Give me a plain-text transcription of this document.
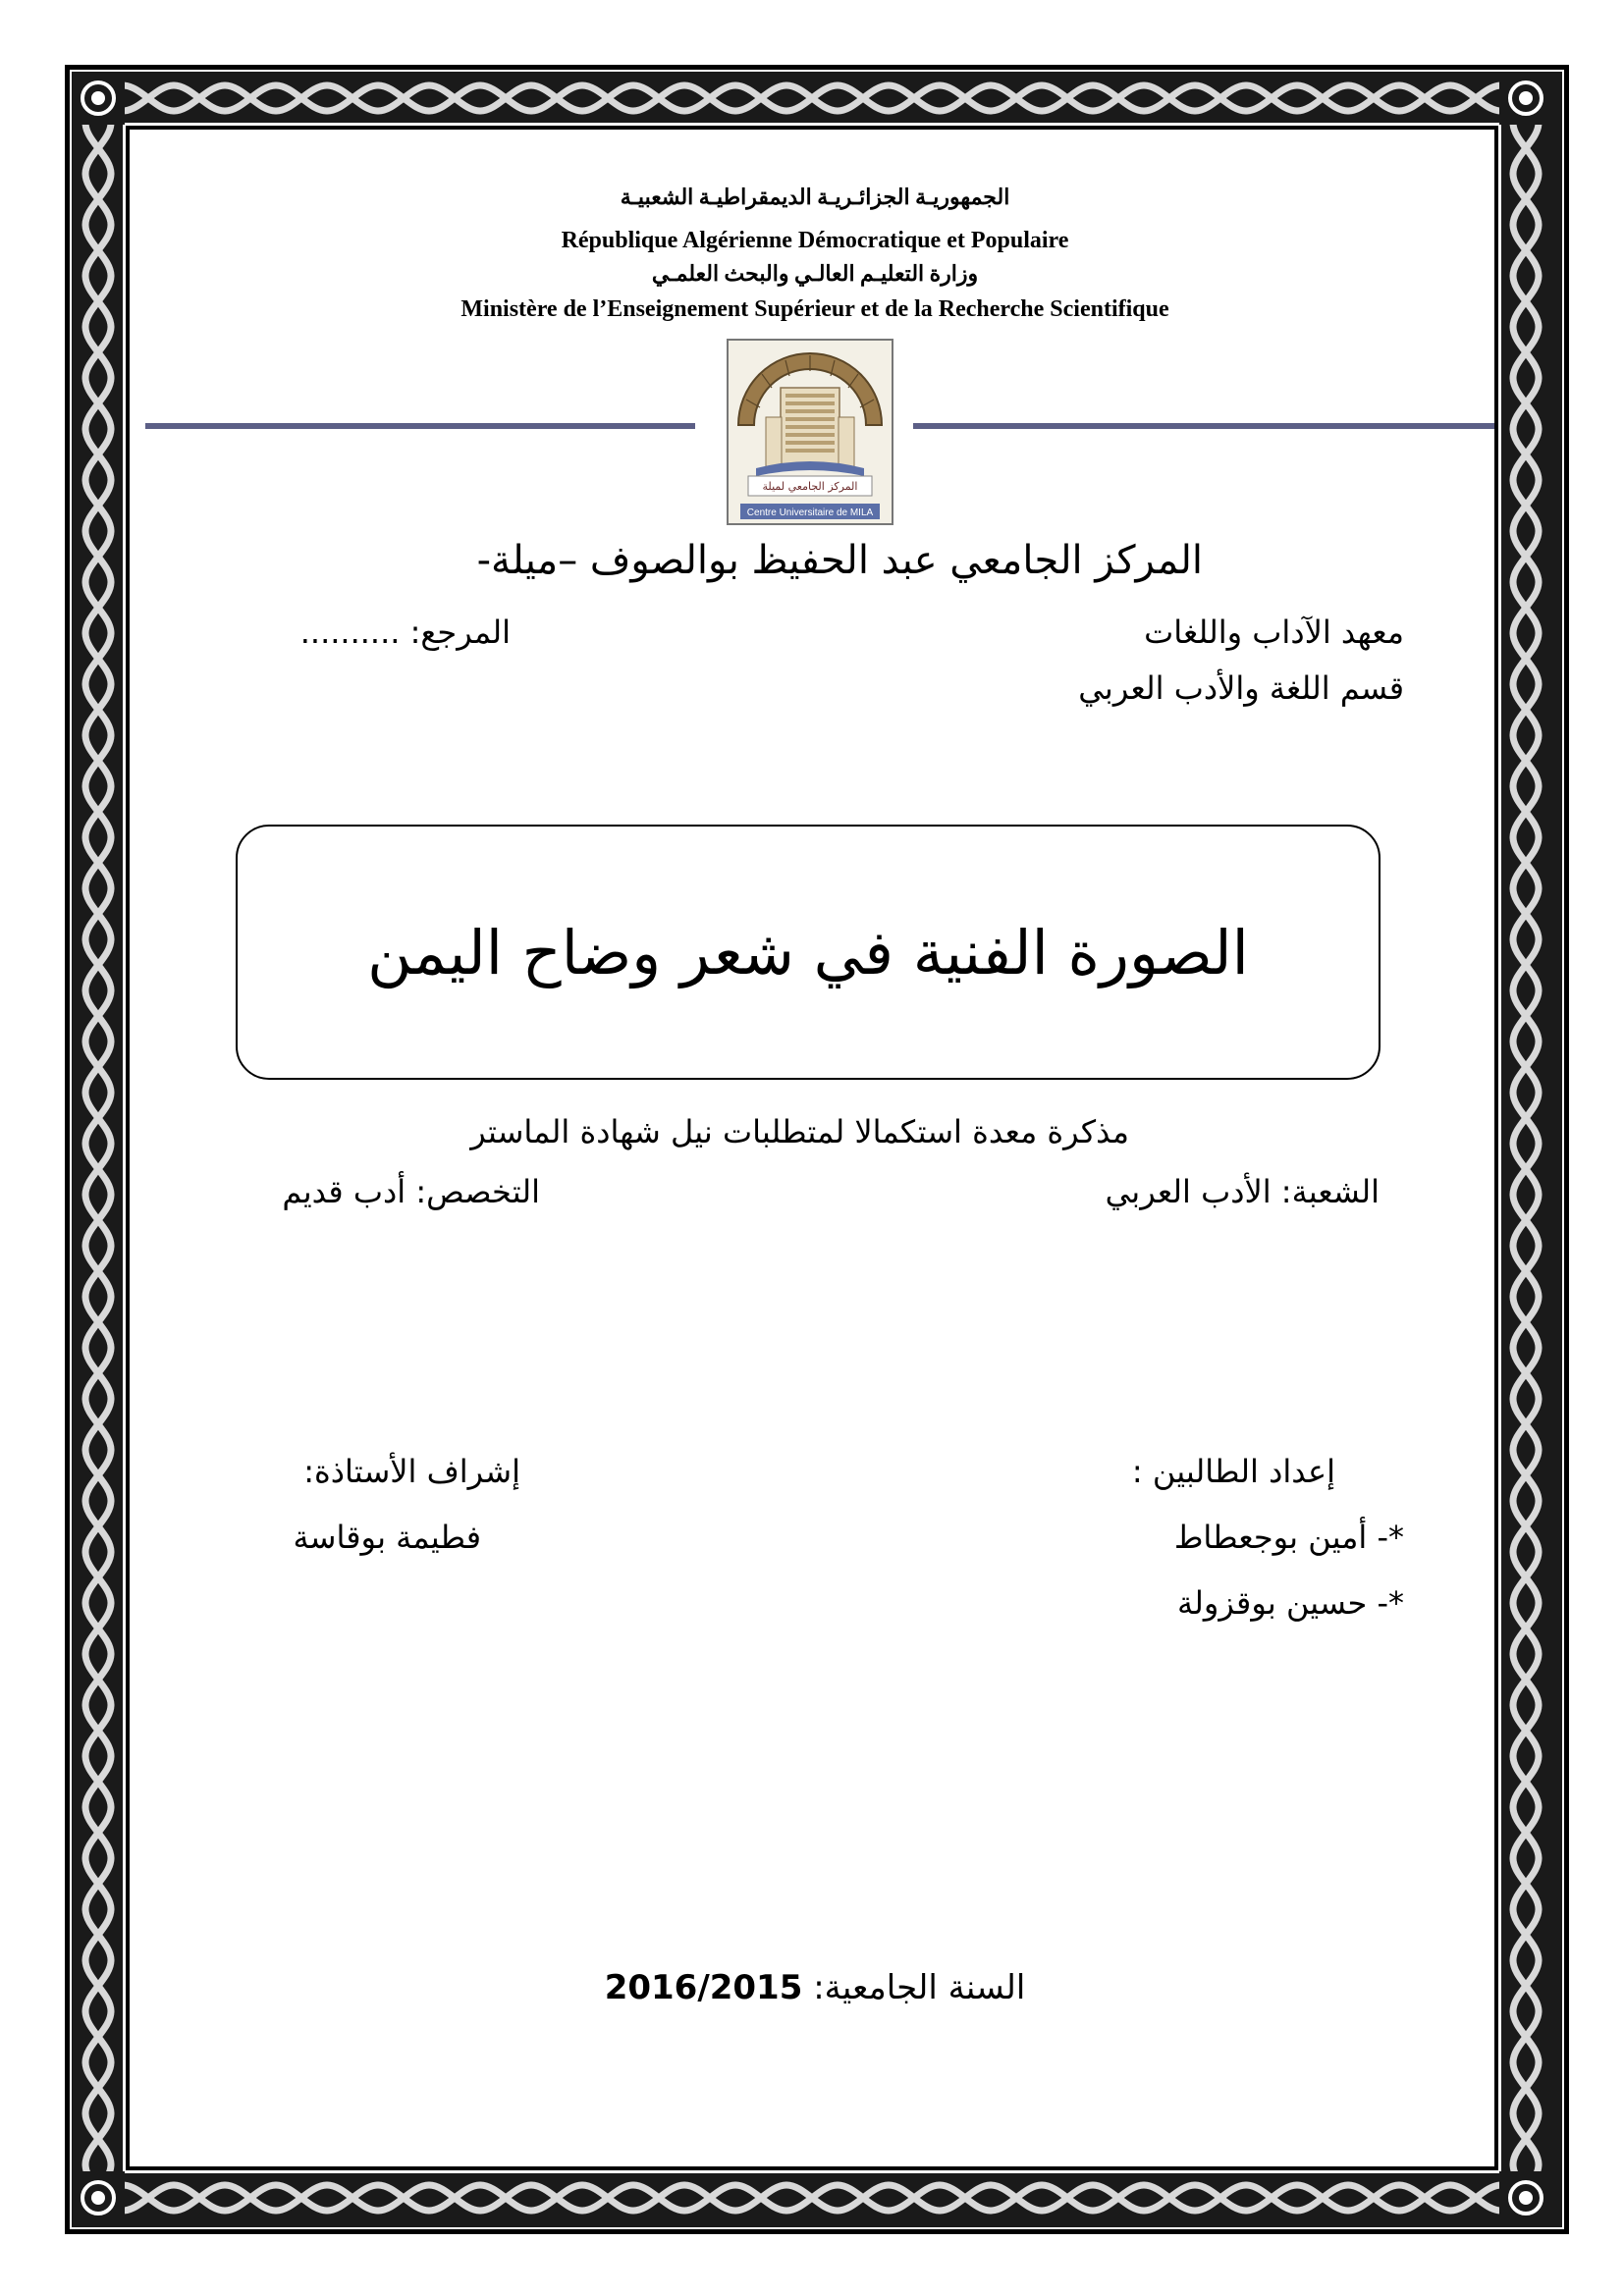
الجمهوريـة الجزائـريـة الديمقراطيـة الشعبيـة
République Algérienne Démocratique et Populaire
وزارة التعليـم العالـي والبحث العلمـي
Ministère de l’Enseignement Supérieur et de la Recherche Scientifique
المركز الجامعي لميلة
Centre Universitaire de MILA
المركز الجامعي عبد الحفيظ بوالصوف –ميلة-
معهد الآداب واللغات
المرجع: ..........
قسم اللغة والأدب العربي
الصورة الفنية في شعر وضاح اليمن
مذكرة معدة استكمالا لمتطلبات نيل شهادة الماستر
الشعبة: الأدب العربي
التخصص: أدب قديم
إعداد الطالبين :
إشراف الأستاذة:
*- أمين بوجعطاط
فطيمة بوقاسة
*- حسين بوقزولة
السنة الجامعية: 2016/2015
